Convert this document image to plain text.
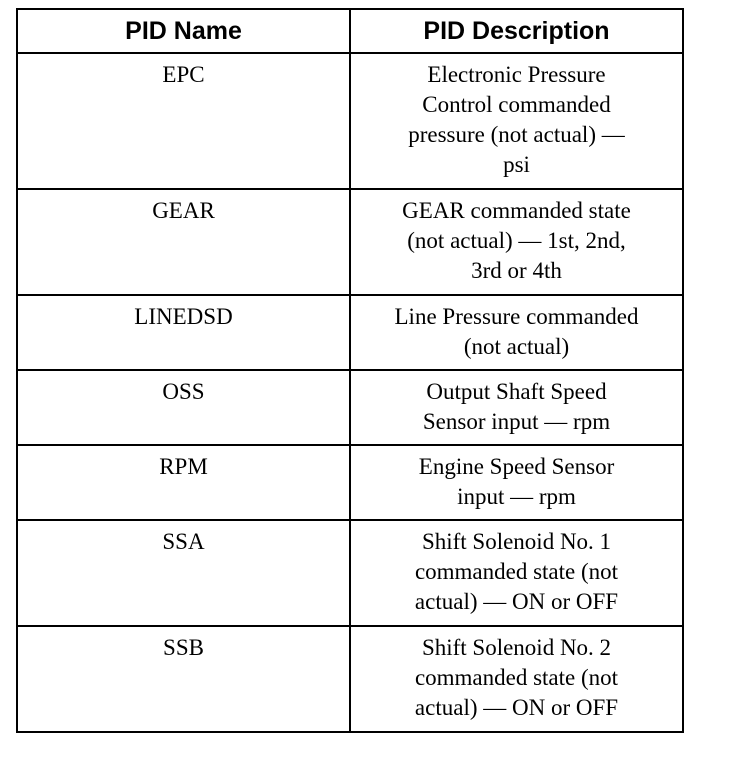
PID Name	PID Description
EPC	Electronic Pressure
Control commanded
pressure (not actual) —
psi

GEAR	GEAR commanded state
(not actual) — 1st, 2nd,
3rd or 4th

LINEDSD	Line Pressure commanded
(not actual)

OSS	Output Shaft Speed
Sensor input — rpm

RPM	Engine Speed Sensor
input — rpm

SSA	Shift Solenoid No. 1
commanded state (not
actual) — ON or OFF

SSB	Shift Solenoid No. 2
commanded state (not
actual) — ON or OFF
